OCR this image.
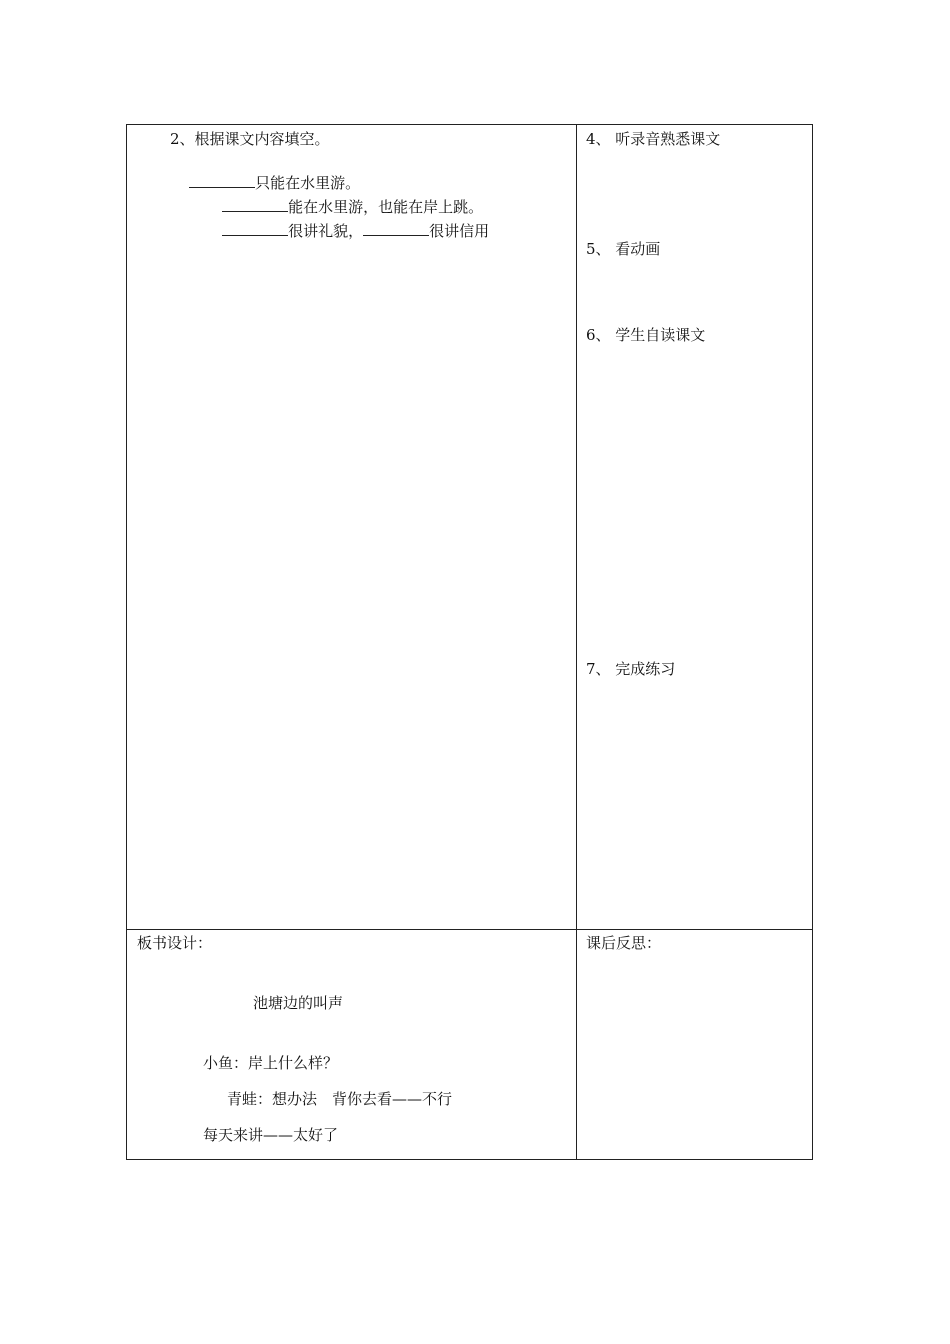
2、根据课文内容填空。

只能在水里游。

能在水里游，也能在岸上跳。

很讲礼貌，	很讲信用

4、 听录音熟悉课文
5、 看动画
6、 学生自读课文
7、 完成练习
板书设计：
池塘边的叫声
小鱼：岸上什么样？
青蛙：想办法　背你去看——不行
每天来讲——太好了
课后反思：
